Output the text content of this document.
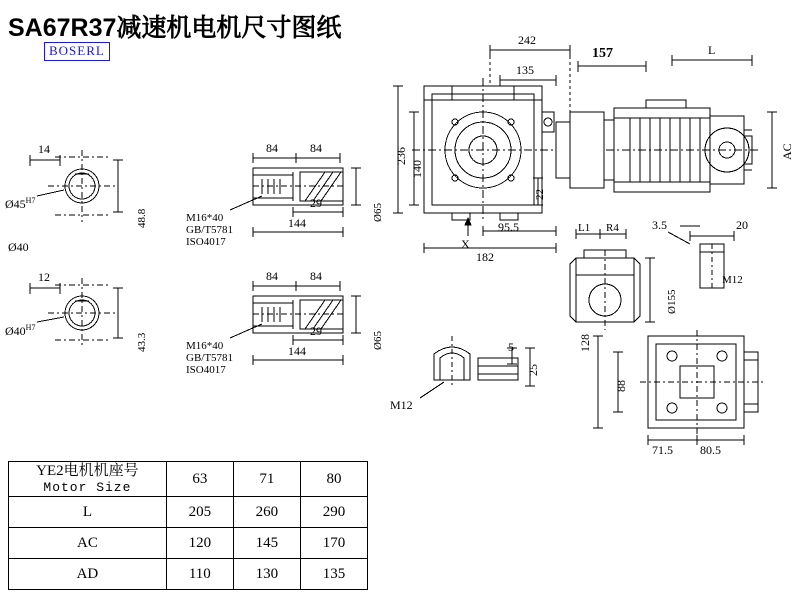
SA67R37减速机电机尺寸图纸
BOSERL
14
$Ø45^{H7}$
Ø40
48.8
12
$Ø40^{H7}$
43.3
84	84
29
144
Ø65
M16*40
GB/T5781
ISO4017
84	84
29
144
Ø65
M16*40
GB/T5781
ISO4017
242
135
157	L
236
140
22
AC
95.5
182
X
L1 R4	3.5	20
Ø155
M12
128
88
71.5 80.5
5
25
M12
YE2电机机座号
Motor Size	63	71	80
L	205	260	290
AC	120	145	170
AD	110	130	135
